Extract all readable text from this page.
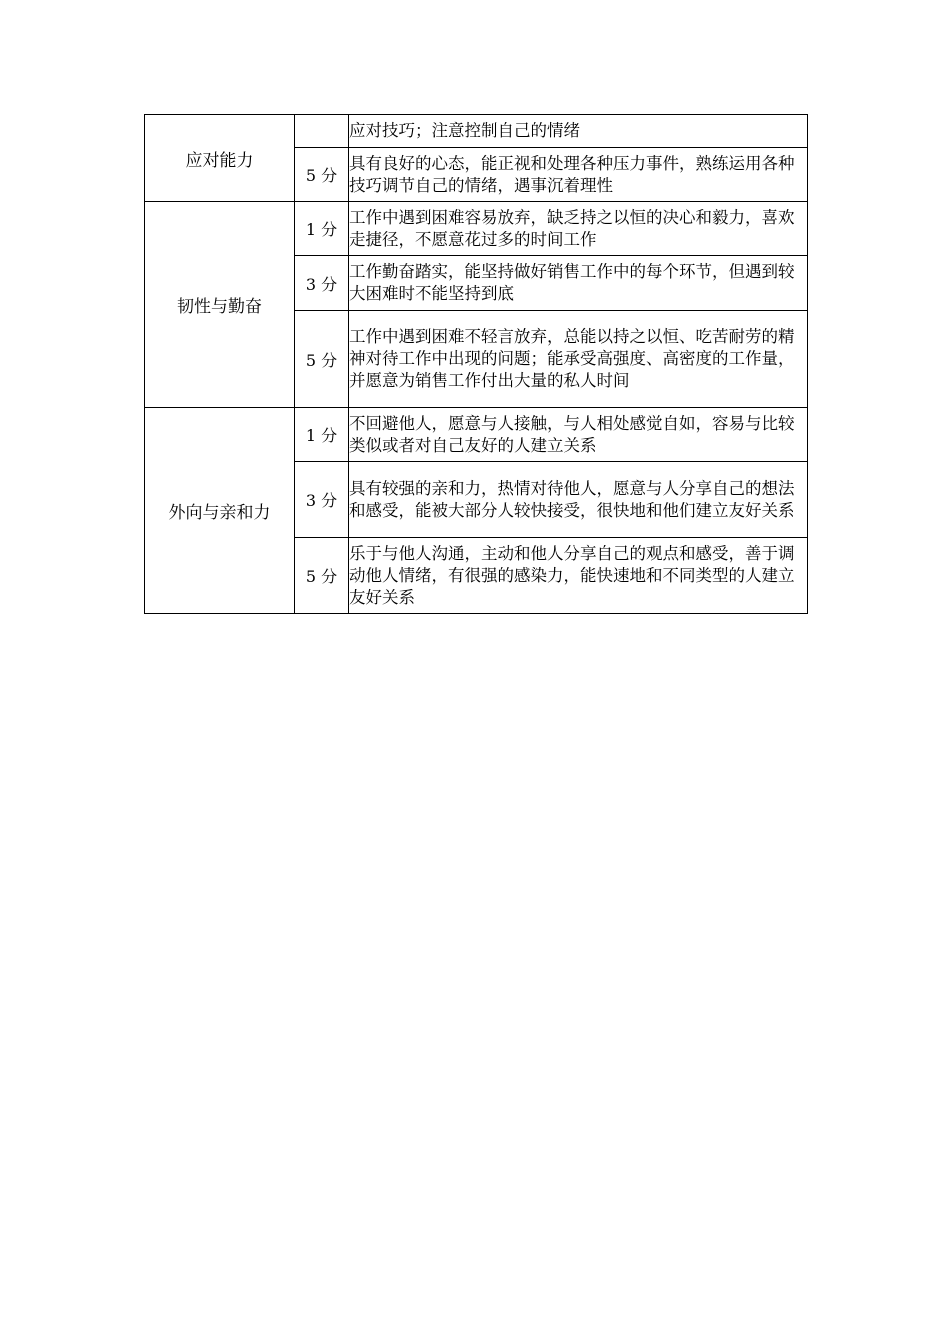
应对能力		应对技巧；注意控制自己的情绪
	5 分	具有良好的心态，能正视和处理各种压力事件，熟练运用各种技巧调节自己的情绪，遇事沉着理性
韧性与勤奋	1 分	工作中遇到困难容易放弃，缺乏持之以恒的决心和毅力，喜欢走捷径，不愿意花过多的时间工作
	3 分	工作勤奋踏实，能坚持做好销售工作中的每个环节，但遇到较大困难时不能坚持到底
	5 分	工作中遇到困难不轻言放弃，总能以持之以恒、吃苦耐劳的精神对待工作中出现的问题；能承受高强度、高密度的工作量，并愿意为销售工作付出大量的私人时间
外向与亲和力	1 分	不回避他人，愿意与人接触，与人相处感觉自如，容易与比较类似或者对自己友好的人建立关系
	3 分	具有较强的亲和力，热情对待他人，愿意与人分享自己的想法和感受，能被大部分人较快接受，很快地和他们建立友好关系
	5 分	乐于与他人沟通，主动和他人分享自己的观点和感受，善于调动他人情绪，有很强的感染力，能快速地和不同类型的人建立友好关系
